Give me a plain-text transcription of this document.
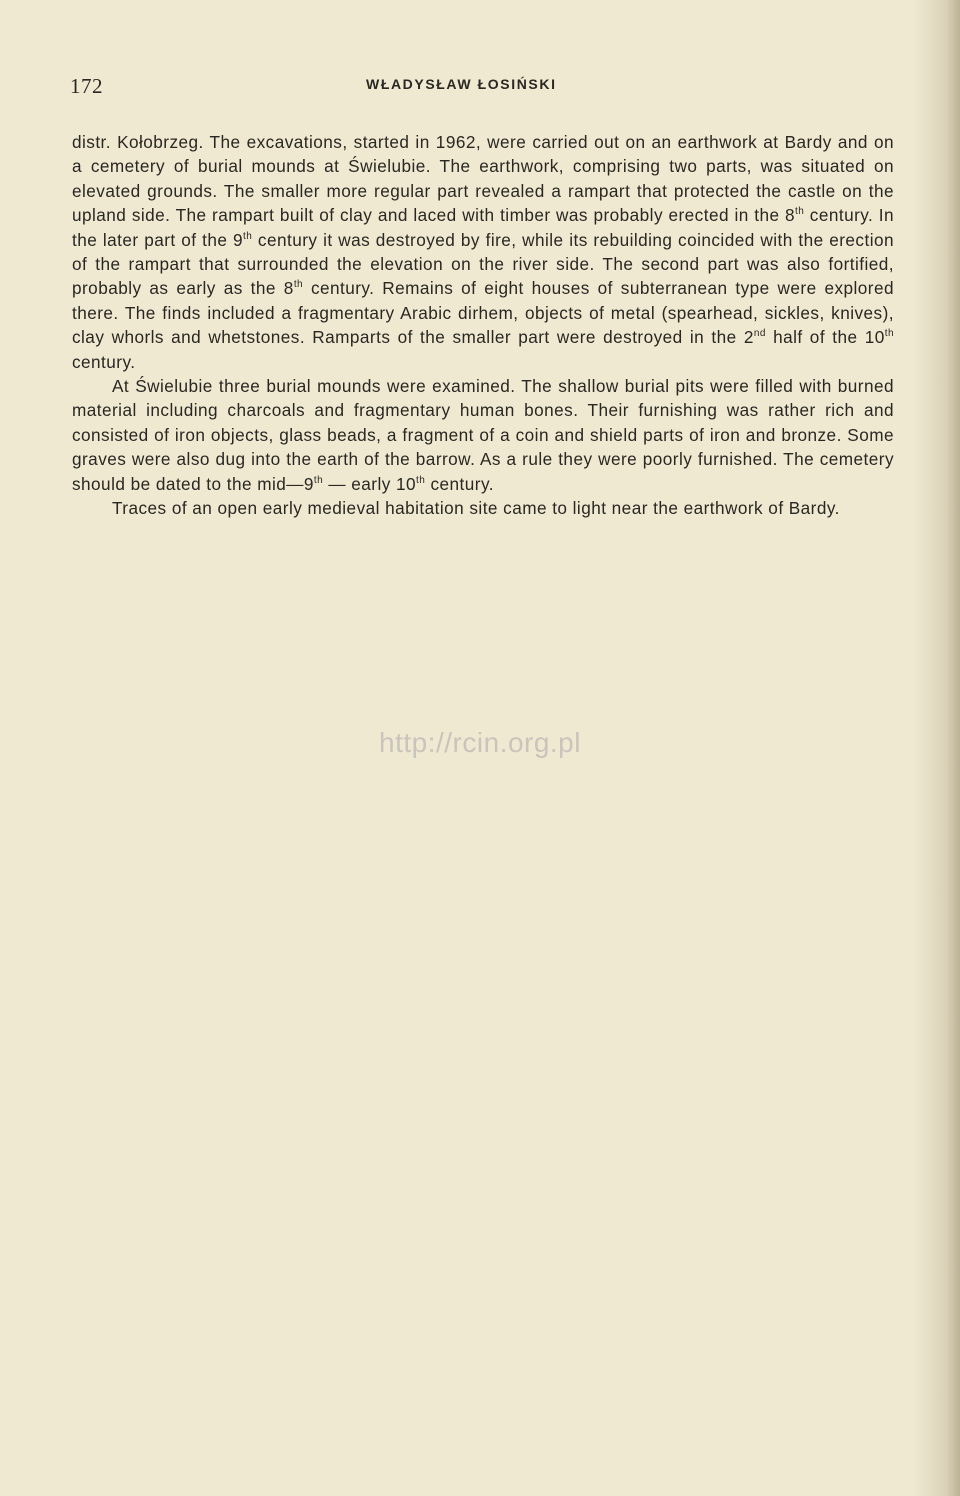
172	WŁADYSŁAW ŁOSIŃSKI

distr. Kołobrzeg. The excavations, started in 1962, were carried out on an earthwork at Bardy and on a cemetery of burial mounds at Świelubie. The earthwork, comprising two parts, was situated on elevated grounds. The smaller more regular part revealed a rampart that protected the castle on the upland side. The rampart built of clay and laced with timber was probably erected in the 8th century. In the later part of the 9th century it was destroyed by fire, while its rebuilding coincided with the erection of the rampart that surrounded the elevation on the river side. The second part was also fortified, probably as early as the 8th century. Remains of eight houses of subterranean type were explored there. The finds included a fragmentary Arabic dirhem, objects of metal (spearhead, sickles, knives), clay whorls and whetstones. Ramparts of the smaller part were destroyed in the 2nd half of the 10th century.

At Świelubie three burial mounds were examined. The shallow burial pits were filled with burned material including charcoals and fragmentary human bones. Their furnishing was rather rich and consisted of iron objects, glass beads, a fragment of a coin and shield parts of iron and bronze. Some graves were also dug into the earth of the barrow. As a rule they were poorly furnished. The cemetery should be dated to the mid—9th — early 10th century.

Traces of an open early medieval habitation site came to light near the earthwork of Bardy.

http://rcin.org.pl
